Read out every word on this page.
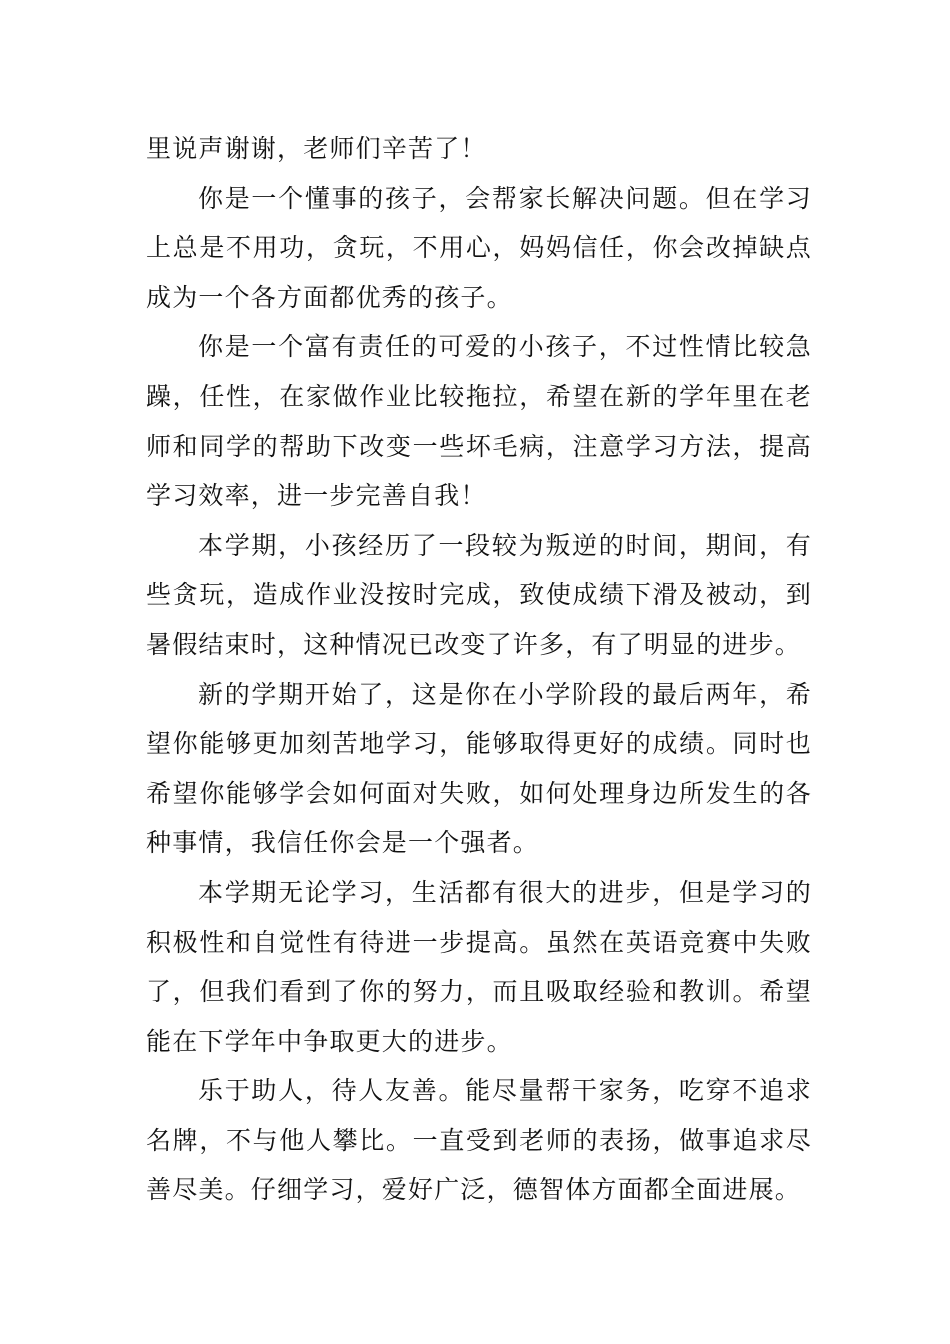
里说声谢谢，老师们辛苦了！

你是一个懂事的孩子，会帮家长解决问题。但在学习上总是不用功，贪玩，不用心，妈妈信任，你会改掉缺点成为一个各方面都优秀的孩子。

你是一个富有责任的可爱的小孩子，不过性情比较急躁，任性，在家做作业比较拖拉，希望在新的学年里在老师和同学的帮助下改变一些坏毛病，注意学习方法，提高学习效率，进一步完善自我！

本学期，小孩经历了一段较为叛逆的时间，期间，有些贪玩，造成作业没按时完成，致使成绩下滑及被动，到暑假结束时，这种情况已改变了许多，有了明显的进步。

新的学期开始了，这是你在小学阶段的最后两年，希望你能够更加刻苦地学习，能够取得更好的成绩。同时也希望你能够学会如何面对失败，如何处理身边所发生的各种事情，我信任你会是一个强者。

本学期无论学习，生活都有很大的进步，但是学习的积极性和自觉性有待进一步提高。虽然在英语竞赛中失败了，但我们看到了你的努力，而且吸取经验和教训。希望能在下学年中争取更大的进步。

乐于助人，待人友善。能尽量帮干家务，吃穿不追求名牌，不与他人攀比。一直受到老师的表扬，做事追求尽善尽美。仔细学习，爱好广泛，德智体方面都全面进展。
